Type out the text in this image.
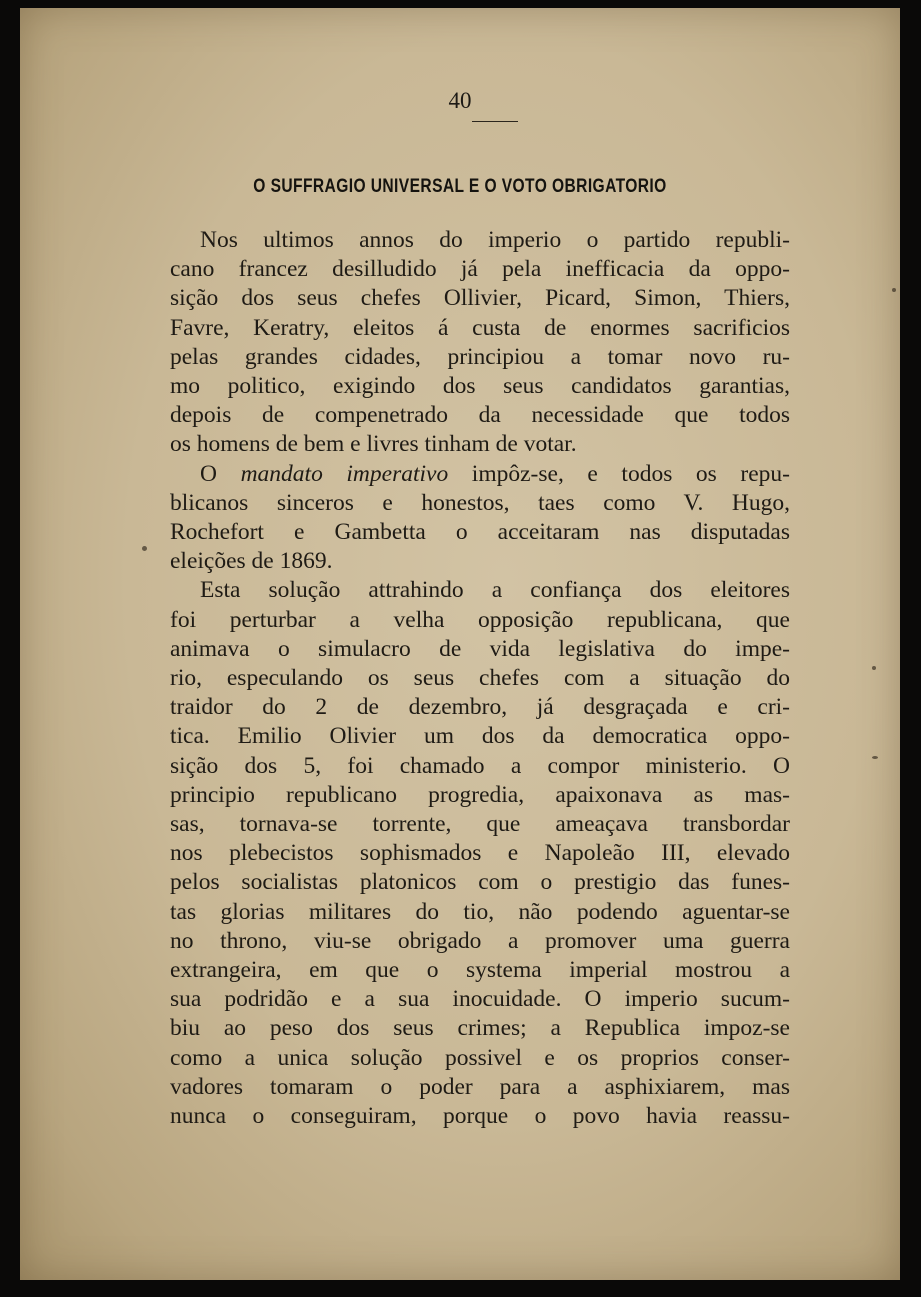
40
O SUFFRAGIO UNIVERSAL E O VOTO OBRIGATORIO
Nos ultimos annos do imperio o partido republi-
cano francez desilludido já pela inefficacia da oppo-
sição dos seus chefes Ollivier, Picard, Simon, Thiers,
Favre, Keratry, eleitos á custa de enormes sacrificios
pelas grandes cidades, principiou a tomar novo ru-
mo politico, exigindo dos seus candidatos garantias,
depois de compenetrado da necessidade que todos
os homens de bem e livres tinham de votar.
O mandato imperativo impôz-se, e todos os repu-
blicanos sinceros e honestos, taes como V. Hugo,
Rochefort e Gambetta o acceitaram nas disputadas
eleições de 1869.
Esta solução attrahindo a confiança dos eleitores
foi perturbar a velha opposição republicana, que
animava o simulacro de vida legislativa do impe-
rio, especulando os seus chefes com a situação do
traidor do 2 de dezembro, já desgraçada e cri-
tica. Emilio Olivier um dos da democratica oppo-
sição dos 5, foi chamado a compor ministerio. O
principio republicano progredia, apaixonava as mas-
sas, tornava-se torrente, que ameaçava transbordar
nos plebecistos sophismados e Napoleão III, elevado
pelos socialistas platonicos com o prestigio das funes-
tas glorias militares do tio, não podendo aguentar-se
no throno, viu-se obrigado a promover uma guerra
extrangeira, em que o systema imperial mostrou a
sua podridão e a sua inocuidade. O imperio sucum-
biu ao peso dos seus crimes; a Republica impoz-se
como a unica solução possivel e os proprios conser-
vadores tomaram o poder para a asphixiarem, mas
nunca o conseguiram, porque o povo havia reassu-
